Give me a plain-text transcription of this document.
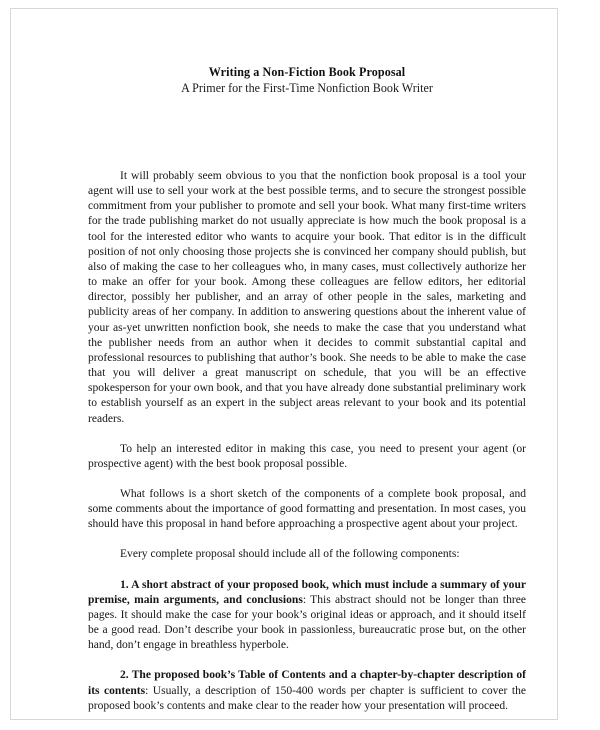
Writing a Non-Fiction Book Proposal
A Primer for the First-Time Nonfiction Book Writer

It will probably seem obvious to you that the nonfiction book proposal is a tool your agent will use to sell your work at the best possible terms, and to secure the strongest possible commitment from your publisher to promote and sell your book. What many first-time writers for the trade publishing market do not usually appreciate is how much the book proposal is a tool for the interested editor who wants to acquire your book. That editor is in the difficult position of not only choosing those projects she is convinced her company should publish, but also of making the case to her colleagues who, in many cases, must collectively authorize her to make an offer for your book. Among these colleagues are fellow editors, her editorial director, possibly her publisher, and an array of other people in the sales, marketing and publicity areas of her company. In addition to answering questions about the inherent value of your as-yet unwritten nonfiction book, she needs to make the case that you understand what the publisher needs from an author when it decides to commit substantial capital and professional resources to publishing that author’s book. She needs to be able to make the case that you will deliver a great manuscript on schedule, that you will be an effective spokesperson for your own book, and that you have already done substantial preliminary work to establish yourself as an expert in the subject areas relevant to your book and its potential readers.

To help an interested editor in making this case, you need to present your agent (or prospective agent) with the best book proposal possible.

What follows is a short sketch of the components of a complete book proposal, and some comments about the importance of good formatting and presentation. In most cases, you should have this proposal in hand before approaching a prospective agent about your project.

Every complete proposal should include all of the following components:

1. A short abstract of your proposed book, which must include a summary of your premise, main arguments, and conclusions: This abstract should not be longer than three pages. It should make the case for your book’s original ideas or approach, and it should itself be a good read. Don’t describe your book in passionless, bureaucratic prose but, on the other hand, don’t engage in breathless hyperbole.

2. The proposed book’s Table of Contents and a chapter-by-chapter description of its contents: Usually, a description of 150-400 words per chapter is sufficient to cover the proposed book’s contents and make clear to the reader how your presentation will proceed.
